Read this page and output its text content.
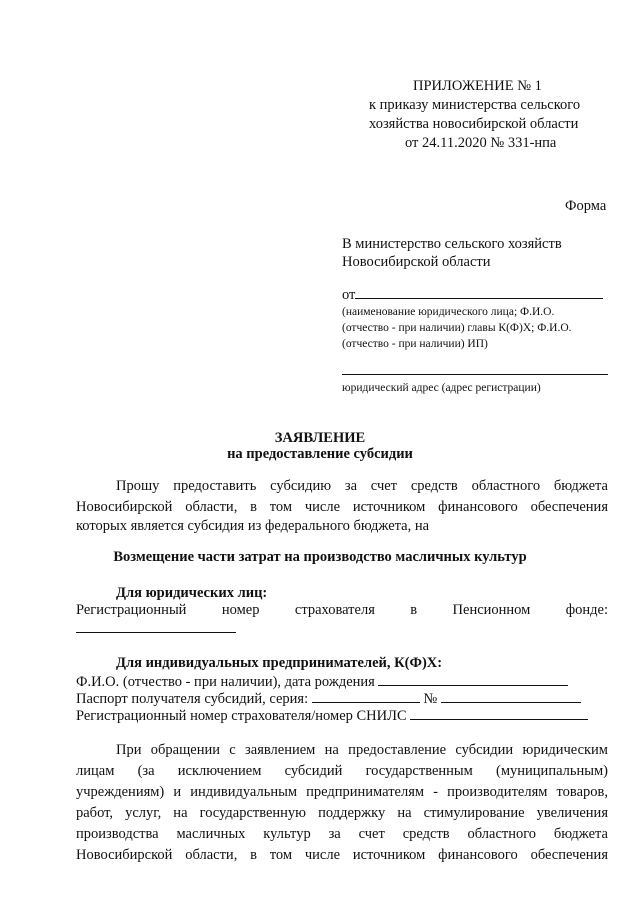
ПРИЛОЖЕНИЕ № 1
к приказу министерства сельского
хозяйства новосибирской области
от 24.11.2020 № 331-нпа
Форма
В министерство сельского хозяйств
Новосибирской области
от
(наименование юридического лица; Ф.И.О.
(отчество - при наличии) главы К(Ф)Х; Ф.И.О.
(отчество - при наличии) ИП)
юридический адрес (адрес регистрации)
ЗАЯВЛЕНИЕ
на предоставление субсидии
Прошу предоставить субсидию за счет средств областного бюджета
Новосибирской области, в том числе источником финансового обеспечения
которых является субсидия из федерального бюджета, на
Возмещение части затрат на производство масличных культур
Для юридических лиц:
Регистрационный номер страхователя в Пенсионном фонде:
Для индивидуальных предпринимателей, К(Ф)Х:
Ф.И.О. (отчество - при наличии), дата рождения
Паспорт получателя субсидий, серия:	№
Регистрационный номер страхователя/номер СНИЛС
При обращении с заявлением на предоставление субсидии юридическим
лицам (за исключением субсидий государственным (муниципальным)
учреждениям) и индивидуальным предпринимателям - производителям товаров,
работ, услуг, на государственную поддержку на стимулирование увеличения
производства масличных культур за счет средств областного бюджета
Новосибирской области, в том числе источником финансового обеспечения
